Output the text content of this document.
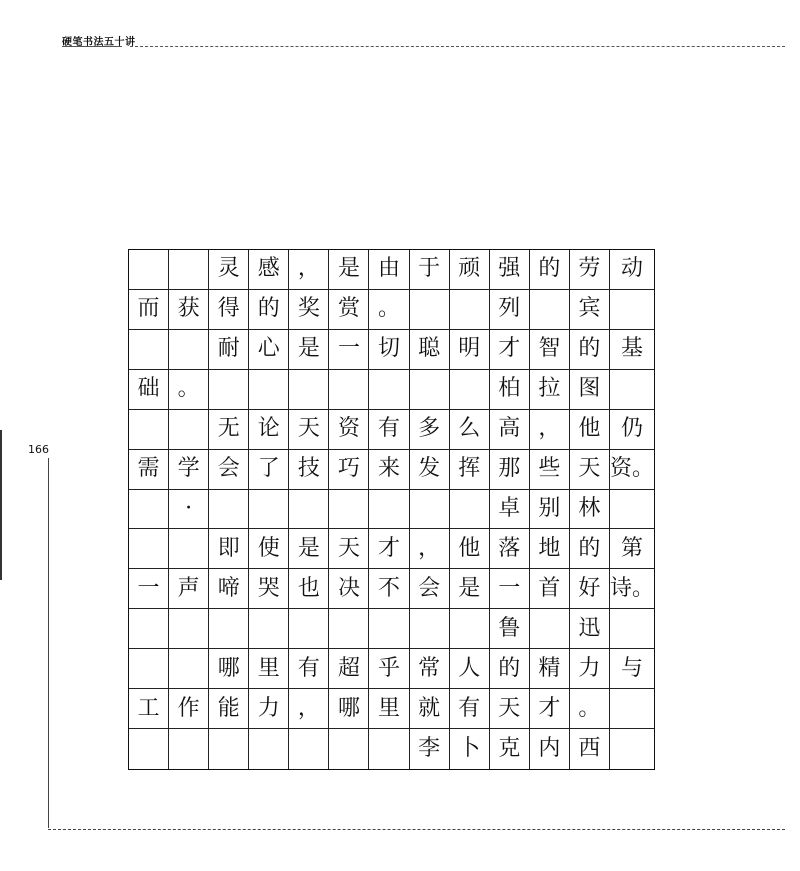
硬笔书法五十讲
166
灵 感 ， 是 由 于 顽 强 的 劳 动
而 获 得 的 奖 赏 。	列	宾
耐 心 是 一 切 聪 明 才 智 的 基
础 。	柏 拉 图
无 论 天 资 有 多 么 高 ， 他 仍
需 学 会 了 技 巧 来 发 挥 那 些 天 资。
·	卓 别 林
即 使 是 天 才 ， 他 落 地 的 第
一 声 啼 哭 也 决 不 会 是 一 首 好 诗。
鲁	迅
哪 里 有 超 乎 常 人 的 精 力 与
工 作 能 力 ， 哪 里 就 有 天 才 。
李 卜 克 内 西
